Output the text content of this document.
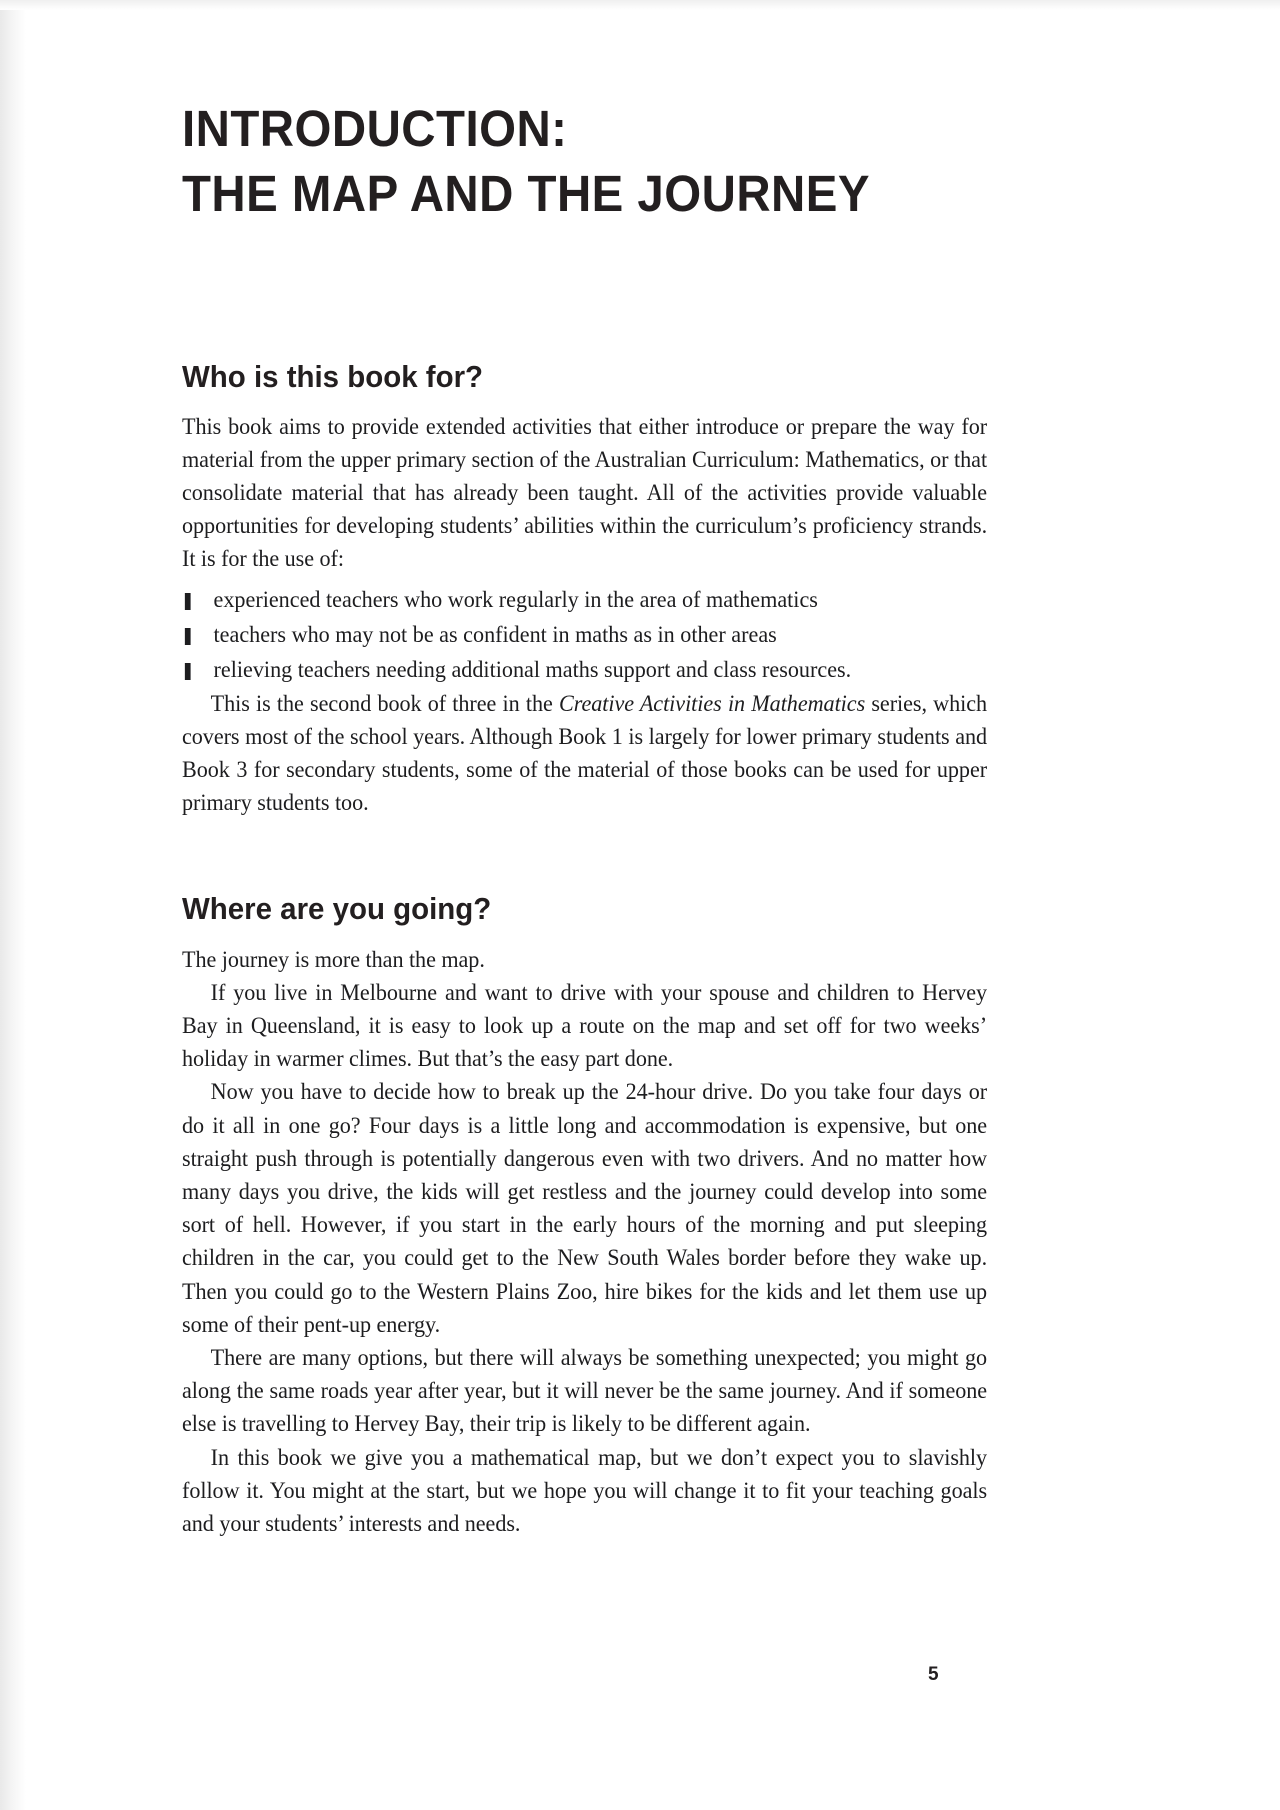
INTRODUCTION:
THE MAP AND THE JOURNEY
Who is this book for?

This book aims to provide extended activities that either introduce or prepare the way for material from the upper primary section of the Australian Curriculum: Mathematics, or that consolidate material that has already been taught. All of the activities provide valuable opportunities for developing students’ abilities within the curriculum’s proficiency strands. It is for the use of:

experienced teachers who work regularly in the area of mathematics
teachers who may not be as confident in maths as in other areas
relieving teachers needing additional maths support and class resources.

This is the second book of three in the Creative Activities in Mathematics series, which covers most of the school years. Although Book 1 is largely for lower primary students and Book 3 for secondary students, some of the material of those books can be used for upper primary students too.

Where are you going?

The journey is more than the map.

If you live in Melbourne and want to drive with your spouse and children to Hervey Bay in Queensland, it is easy to look up a route on the map and set off for two weeks’ holiday in warmer climes. But that’s the easy part done.

Now you have to decide how to break up the 24-hour drive. Do you take four days or do it all in one go? Four days is a little long and accommodation is expensive, but one straight push through is potentially dangerous even with two drivers. And no matter how many days you drive, the kids will get restless and the journey could develop into some sort of hell. However, if you start in the early hours of the morning and put sleeping children in the car, you could get to the New South Wales border before they wake up. Then you could go to the Western Plains Zoo, hire bikes for the kids and let them use up some of their pent-up energy.

There are many options, but there will always be something unexpected; you might go along the same roads year after year, but it will never be the same journey. And if someone else is travelling to Hervey Bay, their trip is likely to be different again.

In this book we give you a mathematical map, but we don’t expect you to slavishly follow it. You might at the start, but we hope you will change it to fit your teaching goals and your students’ interests and needs.

5
